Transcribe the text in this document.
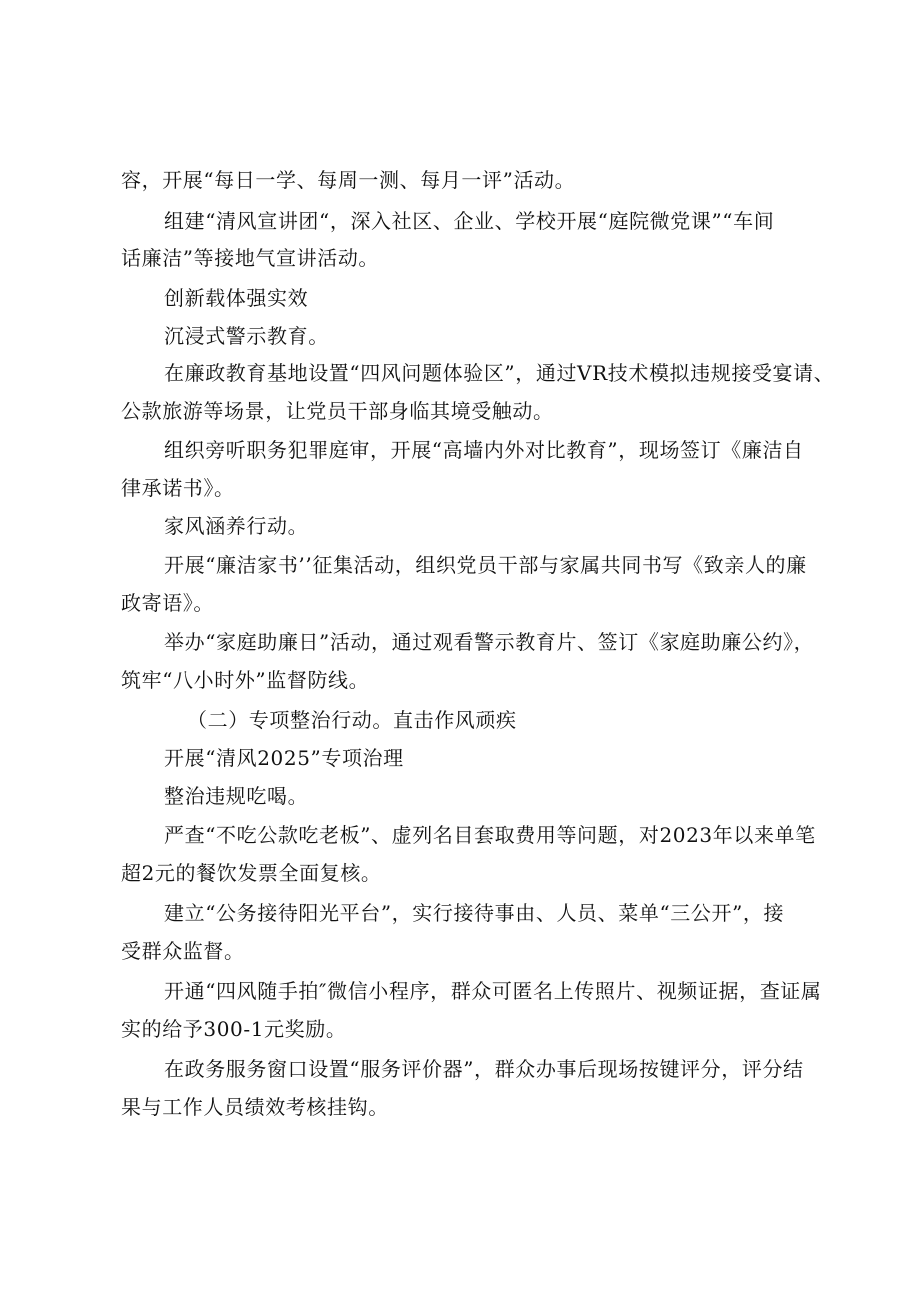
容，开展“每日一学、每周一测、每月一评”活动。
组建“清风宣讲团“，深入社区、企业、学校开展“庭院微党课”“车间
话廉洁”等接地气宣讲活动。
创新载体强实效
沉浸式警示教育。
在廉政教育基地设置“四风问题体验区”，通过VR技术模拟违规接受宴请、
公款旅游等场景，让党员干部身临其境受触动。
组织旁听职务犯罪庭审，开展“高墙内外对比教育”，现场签订《廉洁自
律承诺书》。
家风涵养行动。
开展“廉洁家书’’征集活动，组织党员干部与家属共同书写《致亲人的廉
政寄语》。
举办“家庭助廉日”活动，通过观看警示教育片、签订《家庭助廉公约》，
筑牢“八小时外”监督防线。
（二）专项整治行动。直击作风顽疾
开展“清风2025”专项治理
整治违规吃喝。
严查“不吃公款吃老板”、虚列名目套取费用等问题，对2023年以来单笔
超2元的餐饮发票全面复核。
建立“公务接待阳光平台”，实行接待事由、人员、菜单“三公开”，接
受群众监督。
开通“四风随手拍″微信小程序，群众可匿名上传照片、视频证据，查证属
实的给予300-1元奖励。
在政务服务窗口设置“服务评价器”，群众办事后现场按键评分，评分结
果与工作人员绩效考核挂钩。
